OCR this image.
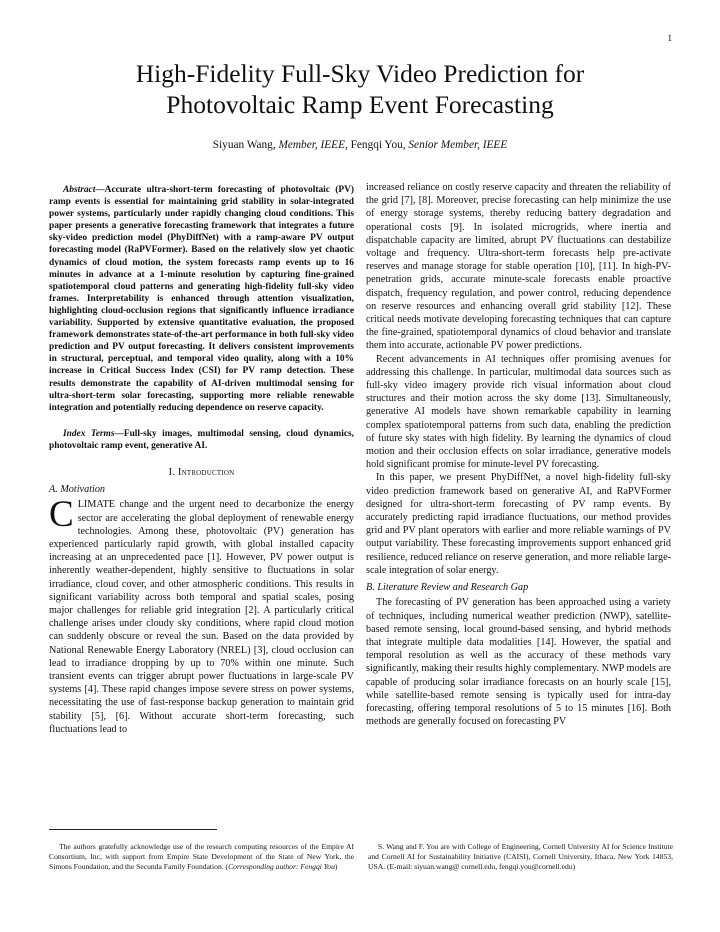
1
High-Fidelity Full-Sky Video Prediction for
Photovoltaic Ramp Event Forecasting
Siyuan Wang, Member, IEEE, Fengqi You, Senior Member, IEEE

Abstract—Accurate ultra-short-term forecasting of photovoltaic (PV) ramp events is essential for maintaining grid stability in solar-integrated power systems, particularly under rapidly changing cloud conditions. This paper presents a generative forecasting framework that integrates a future sky-video prediction model (PhyDiffNet) with a ramp-aware PV output forecasting model (RaPVFormer). Based on the relatively slow yet chaotic dynamics of cloud motion, the system forecasts ramp events up to 16 minutes in advance at a 1-minute resolution by capturing fine-grained spatiotemporal cloud patterns and generating high-fidelity full-sky video frames. Interpretability is enhanced through attention visualization, highlighting cloud-occlusion regions that significantly influence irradiance variability. Supported by extensive quantitative evaluation, the proposed framework demonstrates state-of-the-art performance in both full-sky video prediction and PV output forecasting. It delivers consistent improvements in structural, perceptual, and temporal video quality, along with a 10% increase in Critical Success Index (CSI) for PV ramp detection. These results demonstrate the capability of AI-driven multimodal sensing for ultra-short-term solar forecasting, supporting more reliable renewable integration and potentially reducing dependence on reserve capacity.

Index Terms—Full-sky images, multimodal sensing, cloud dynamics, photovoltaic ramp event, generative AI.

I. Introduction
A. Motivation

CLIMATE change and the urgent need to decarbonize the energy sector are accelerating the global deployment of renewable energy technologies. Among these, photovoltaic (PV) generation has experienced particularly rapid growth, with global installed capacity increasing at an unprecedented pace [1]. However, PV power output is inherently weather-dependent, highly sensitive to fluctuations in solar irradiance, cloud cover, and other atmospheric conditions. This results in significant variability across both temporal and spatial scales, posing major challenges for reliable grid integration [2]. A particularly critical challenge arises under cloudy sky conditions, where rapid cloud motion can suddenly obscure or reveal the sun. Based on the data provided by National Renewable Energy Laboratory (NREL) [3], cloud occlusion can lead to irradiance dropping by up to 70% within one minute. Such transient events can trigger abrupt power fluctuations in large-scale PV systems [4]. These rapid changes impose severe stress on power systems, necessitating the use of fast-response backup generation to maintain grid stability [5], [6]. Without accurate short-term forecasting, such fluctuations lead to

increased reliance on costly reserve capacity and threaten the reliability of the grid [7], [8]. Moreover, precise forecasting can help minimize the use of energy storage systems, thereby reducing battery degradation and operational costs [9]. In isolated microgrids, where inertia and dispatchable capacity are limited, abrupt PV fluctuations can destabilize voltage and frequency. Ultra-short-term forecasts help pre-activate reserves and manage storage for stable operation [10], [11]. In high-PV-penetration grids, accurate minute-scale forecasts enable proactive dispatch, frequency regulation, and power control, reducing dependence on reserve resources and enhancing overall grid stability [12]. These critical needs motivate developing forecasting techniques that can capture the fine-grained, spatiotemporal dynamics of cloud behavior and translate them into accurate, actionable PV power predictions.

Recent advancements in AI techniques offer promising avenues for addressing this challenge. In particular, multimodal data sources such as full-sky video imagery provide rich visual information about cloud structures and their motion across the sky dome [13]. Simultaneously, generative AI models have shown remarkable capability in learning complex spatiotemporal patterns from such data, enabling the prediction of future sky states with high fidelity. By learning the dynamics of cloud motion and their occlusion effects on solar irradiance, generative models hold significant promise for minute-level PV forecasting.

In this paper, we present PhyDiffNet, a novel high-fidelity full-sky video prediction framework based on generative AI, and RaPVFormer designed for ultra-short-term forecasting of PV ramp events. By accurately predicting rapid irradiance fluctuations, our method provides grid and PV plant operators with earlier and more reliable warnings of PV output variability. These forecasting improvements support enhanced grid resilience, reduced reliance on reserve generation, and more reliable large-scale integration of solar energy.

B. Literature Review and Research Gap

The forecasting of PV generation has been approached using a variety of techniques, including numerical weather prediction (NWP), satellite-based remote sensing, local ground-based sensing, and hybrid methods that integrate multiple data modalities [14]. However, the spatial and temporal resolution as well as the accuracy of these methods vary significantly, making their results highly complementary. NWP models are capable of producing solar irradiance forecasts on an hourly scale [15], while satellite-based remote sensing is typically used for intra-day forecasting, offering temporal resolutions of 5 to 15 minutes [16]. Both methods are generally focused on forecasting PV

The authors gratefully acknowledge use of the research computing resources of the Empire AI Consortium, Inc, with support from Empire State Development of the State of New York, the Simons Foundation, and the Secunda Family Foundation. (Corresponding author: Fengqi You)

S. Wang and F. You are with College of Engineering, Cornell University AI for Science Institute and Cornell AI for Sustainability Initiative (CAISI), Cornell University, Ithaca, New York 14853, USA. (E-mail: siyuan.wang@ cornell.edu, fengqi.you@cornell.edu)
